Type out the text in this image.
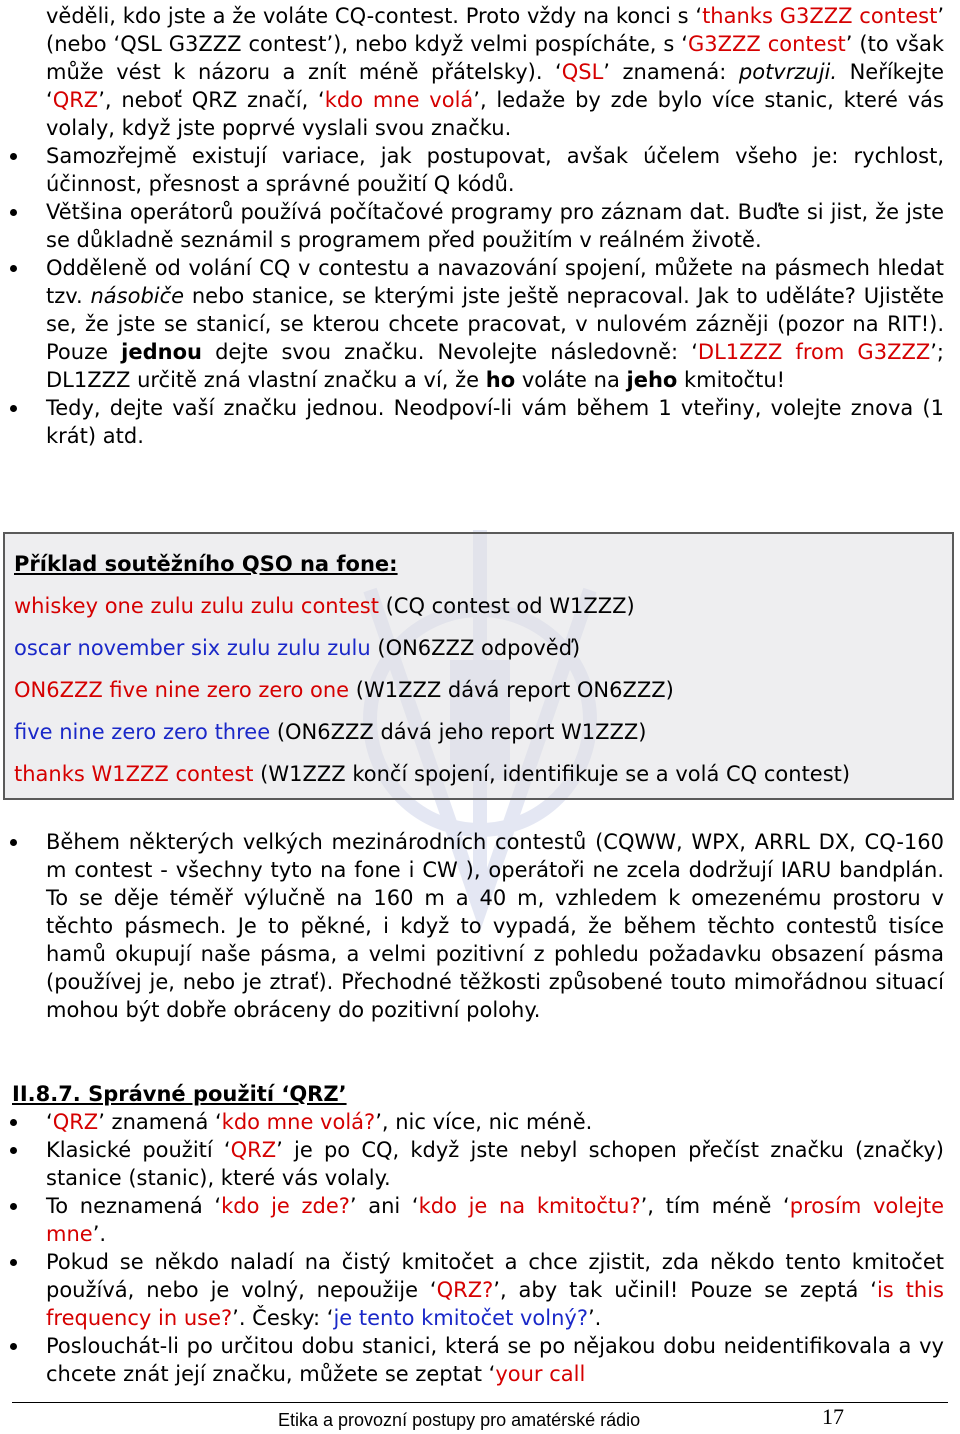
věděli, kdo jste a že voláte CQ-contest. Proto vždy na konci s ‘thanks G3ZZZ contest’ (nebo ‘QSL G3ZZZ contest’), nebo když velmi pospícháte, s ‘G3ZZZ contest’ (to však může vést k názoru a znít méně přátelsky). ‘QSL’ znamená: potvrzuji. Neříkejte ‘QRZ’, neboť QRZ značí, ‘kdo mne volá’, ledaže by zde bylo více stanic, které vás volaly, když jste poprvé vyslali svou značku.
Samozřejmě existují variace, jak postupovat, avšak účelem všeho je: rychlost, účinnost, přesnost a správné použití Q kódů.
Většina operátorů používá počítačové programy pro záznam dat. Buďte si jist, že jste se důkladně seznámil s programem před použitím v reálném životě.
Odděleně od volání CQ v contestu a navazování spojení, můžete na pásmech hledat tzv. násobiče nebo stanice, se kterými jste ještě nepracoval. Jak to uděláte? Ujistěte se, že jste se stanicí, se kterou chcete pracovat, v nulovém zázněji (pozor na RIT!). Pouze jednou dejte svou značku. Nevolejte následovně: ‘DL1ZZZ from G3ZZZ’; DL1ZZZ určitě zná vlastní značku a ví, že ho voláte na jeho kmitočtu!
Tedy, dejte vaší značku jednou. Neodpoví-li vám během 1 vteřiny, volejte znova (1 krát) atd.
Příklad soutěžního QSO na fone:
whiskey one zulu zulu zulu contest (CQ contest od W1ZZZ)
oscar november six zulu zulu zulu (ON6ZZZ odpověď)
ON6ZZZ five nine zero zero one (W1ZZZ dává report ON6ZZZ)
five nine zero zero three (ON6ZZZ dává jeho report W1ZZZ)
thanks W1ZZZ contest (W1ZZZ končí spojení, identifikuje se a volá CQ contest)
Během některých velkých mezinárodních contestů (CQWW, WPX, ARRL DX, CQ-160 m contest - všechny tyto na fone i CW ), operátoři ne zcela dodržují IARU bandplán. To se děje téměř výlučně na 160 m a 40 m, vzhledem k omezenému prostoru v těchto pásmech. Je to pěkné, i když to vypadá, že během těchto contestů tisíce hamů okupují naše pásma, a velmi pozitivní z pohledu požadavku obsazení pásma (používej je, nebo je ztrať). Přechodné těžkosti způsobené touto mimořádnou situací mohou být dobře obráceny do pozitivní polohy.
II.8.7. Správné použití ‘QRZ’
‘QRZ’ znamená ‘kdo mne volá?’, nic více, nic méně.
Klasické použití ‘QRZ’ je po CQ, když jste nebyl schopen přečíst značku (značky) stanice (stanic), které vás volaly.
To neznamená ‘kdo je zde?’ ani ‘kdo je na kmitočtu?’, tím méně ‘prosím volejte mne’.
Pokud se někdo naladí na čistý kmitočet a chce zjistit, zda někdo tento kmitočet používá, nebo je volný, nepoužije ‘QRZ?’, aby tak učinil! Pouze se zeptá ‘is this frequency in use?’. Česky: ‘je tento kmitočet volný?’.
Poslouchát-li po určitou dobu stanici, která se po nějakou dobu neidentifikovala a vy chcete znát její značku, můžete se zeptat ‘your call
Etika a provozní postupy pro amatérské rádio	17
